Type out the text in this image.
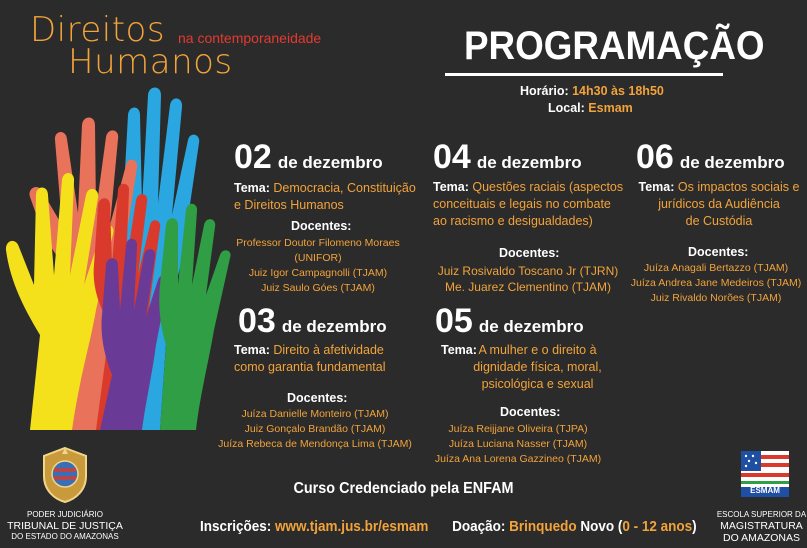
Direitos
Humanos
na contemporaneidade	PROGRAMAÇÃO
Horário: 14h30 às 18h50
Local: Esmam
02 de dezembro
Tema: Democracia, Constituição
e Direitos Humanos
Docentes:
Professor Doutor Filomeno Moraes (UNIFOR)
Juiz Igor Campagnolli (TJAM)
Juiz Saulo Góes (TJAM)
03 de dezembro
Tema: Direito à afetividade
como garantia fundamental
Docentes:
Juíza Danielle Monteiro (TJAM)
Juiz Gonçalo Brandão (TJAM)
Juíza Rebeca de Mendonça Lima (TJAM)
04 de dezembro
Tema: Questões raciais (aspectos
conceituais e legais no combate
ao racismo e desigualdades)
Docentes:
Juiz Rosivaldo Toscano Jr (TJRN)
Me. Juarez Clementino (TJAM)
05 de dezembro
Tema: A mulher e o direito à
dignidade física, moral,
psicológica e sexual
Docentes:
Juíza Reijjane Oliveira (TJPA)
Juíza Luciana Nasser (TJAM)
Juíza Ana Lorena Gazzineo (TJAM)
06 de dezembro
Tema: Os impactos sociais e
jurídicos da Audiência
de Custódia
Docentes:
Juíza Anagali Bertazzo (TJAM)
Juíza Andrea Jane Medeiros (TJAM)
Juiz Rivaldo Norões (TJAM)
PODER JUDICIÁRIO
TRIBUNAL DE JUSTIÇA
DO ESTADO DO AMAZONAS
ESMAM
ESCOLA SUPERIOR DA
MAGISTRATURA
DO AMAZONAS
Curso Credenciado pela ENFAM
Inscrições: www.tjam.jus.br/esmam Doação: Brinquedo Novo (0 - 12 anos)
